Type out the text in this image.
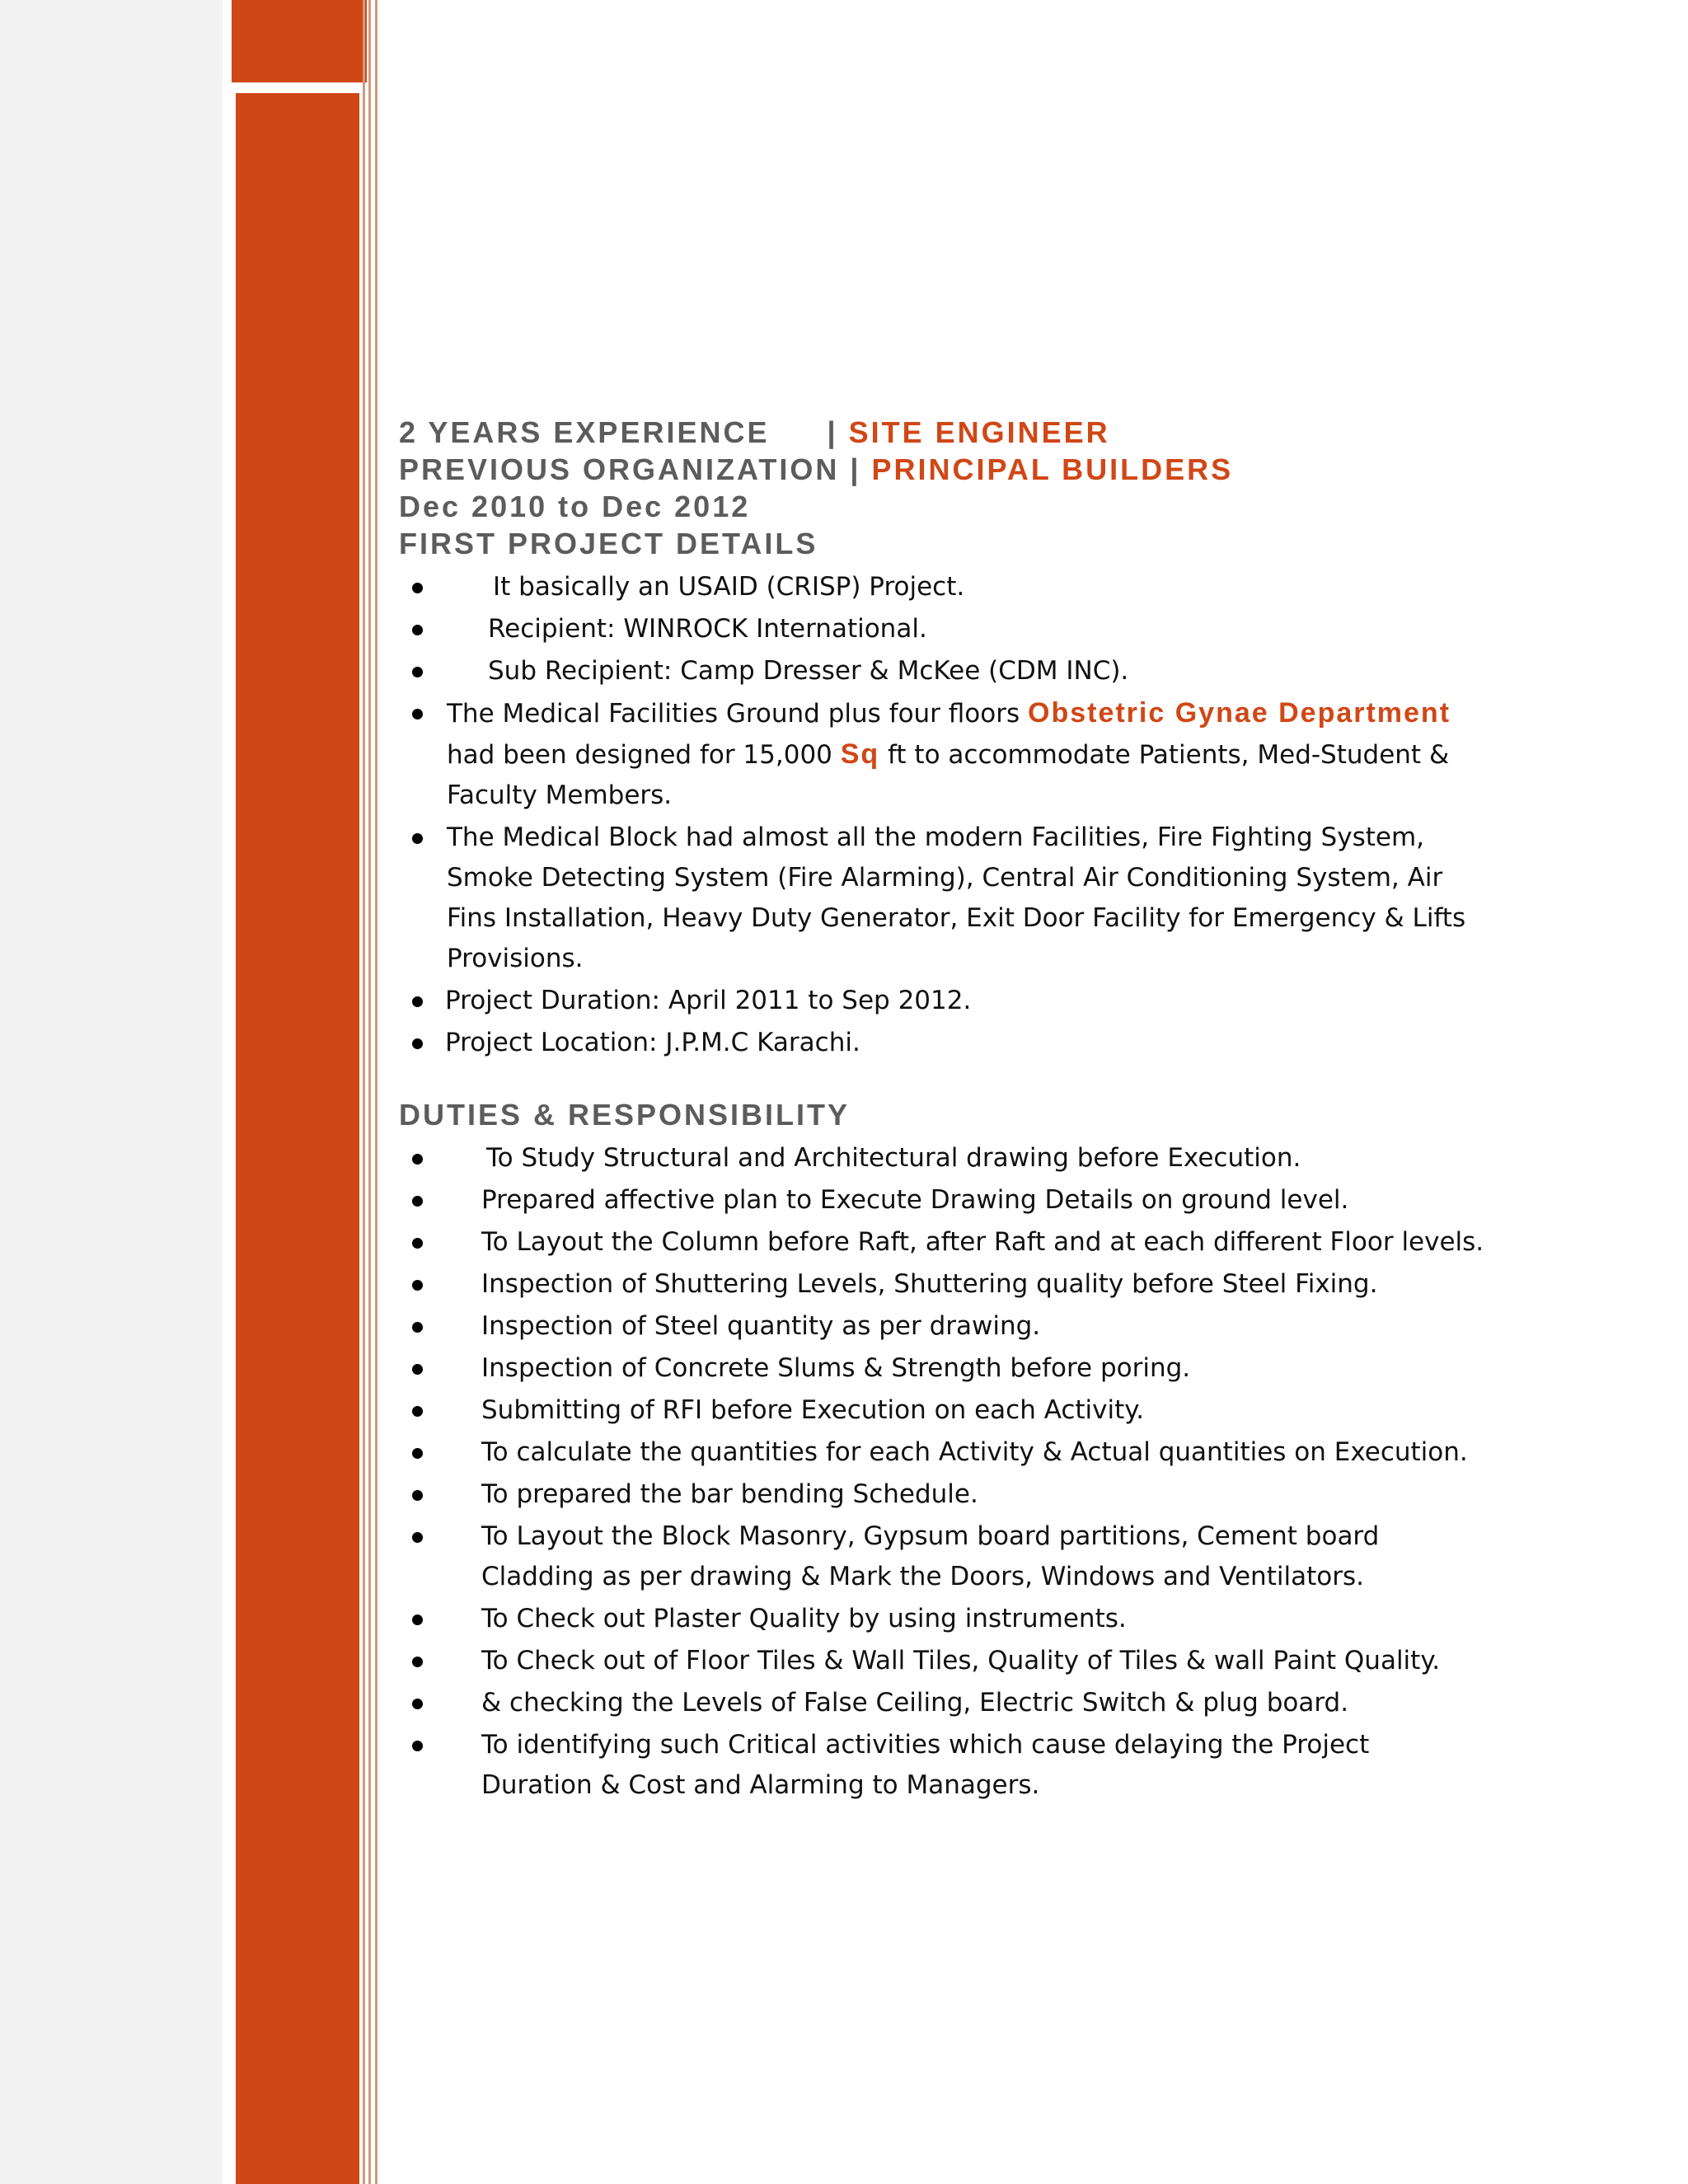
2 YEARS EXPERIENCE | SITE ENGINEER
PREVIOUS ORGANIZATION | PRINCIPAL BUILDERS
Dec 2010 to Dec 2012
FIRST PROJECT DETAILS
It basically an USAID (CRISP) Project.
Recipient: WINROCK International.
Sub Recipient: Camp Dresser & McKee (CDM INC).
The Medical Facilities Ground plus four floors Obstetric Gynae Department had been designed for 15,000 Sq ft to accommodate Patients, Med-Student & Faculty Members.
The Medical Block had almost all the modern Facilities, Fire Fighting System, Smoke Detecting System (Fire Alarming), Central Air Conditioning System, Air Fins Installation, Heavy Duty Generator, Exit Door Facility for Emergency & Lifts Provisions.
Project Duration: April 2011 to Sep 2012.
Project Location: J.P.M.C Karachi.
DUTIES & RESPONSIBILITY
To Study Structural and Architectural drawing before Execution.
Prepared affective plan to Execute Drawing Details on ground level.
To Layout the Column before Raft, after Raft and at each different Floor levels.
Inspection of Shuttering Levels, Shuttering quality before Steel Fixing.
Inspection of Steel quantity as per drawing.
Inspection of Concrete Slums & Strength before poring.
Submitting of RFI before Execution on each Activity.
To calculate the quantities for each Activity & Actual quantities on Execution.
To prepared the bar bending Schedule.
To Layout the Block Masonry, Gypsum board partitions, Cement board Cladding as per drawing & Mark the Doors, Windows and Ventilators.
To Check out Plaster Quality by using instruments.
To Check out of Floor Tiles & Wall Tiles, Quality of Tiles & wall Paint Quality.
& checking the Levels of False Ceiling, Electric Switch & plug board.
To identifying such Critical activities which cause delaying the Project Duration & Cost and Alarming to Managers.
